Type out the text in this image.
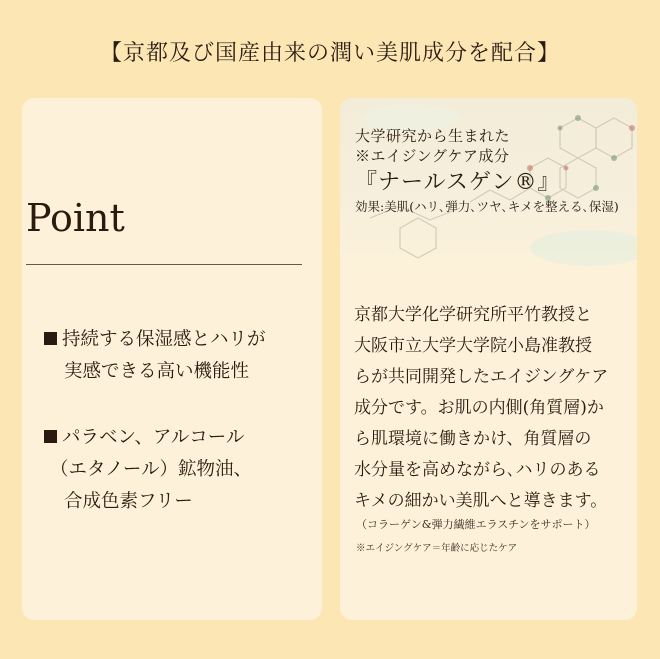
【京都及び国産由来の潤い美肌成分を配合】
Point
持続する保湿感とハリが
実感できる高い機能性
パラベン、アルコール
（エタノール）鉱物油、
合成色素フリー
大学研究から生まれた
※エイジングケア成分
『ナールスゲン®』
効果:美肌(ハリ､弾力､ツヤ､キメを整える､保湿)
京都大学化学研究所平竹教授と
大阪市立大学大学院小島准教授
らが共同開発したエイジングケア
成分です。お肌の内側(角質層)か
ら肌環境に働きかけ、角質層の
水分量を高めながら､ハリのある
キメの細かい美肌へと導きます。
（コラーゲン&弾力繊維エラスチンをサポート）
※エイジングケア＝年齢に応じたケア
